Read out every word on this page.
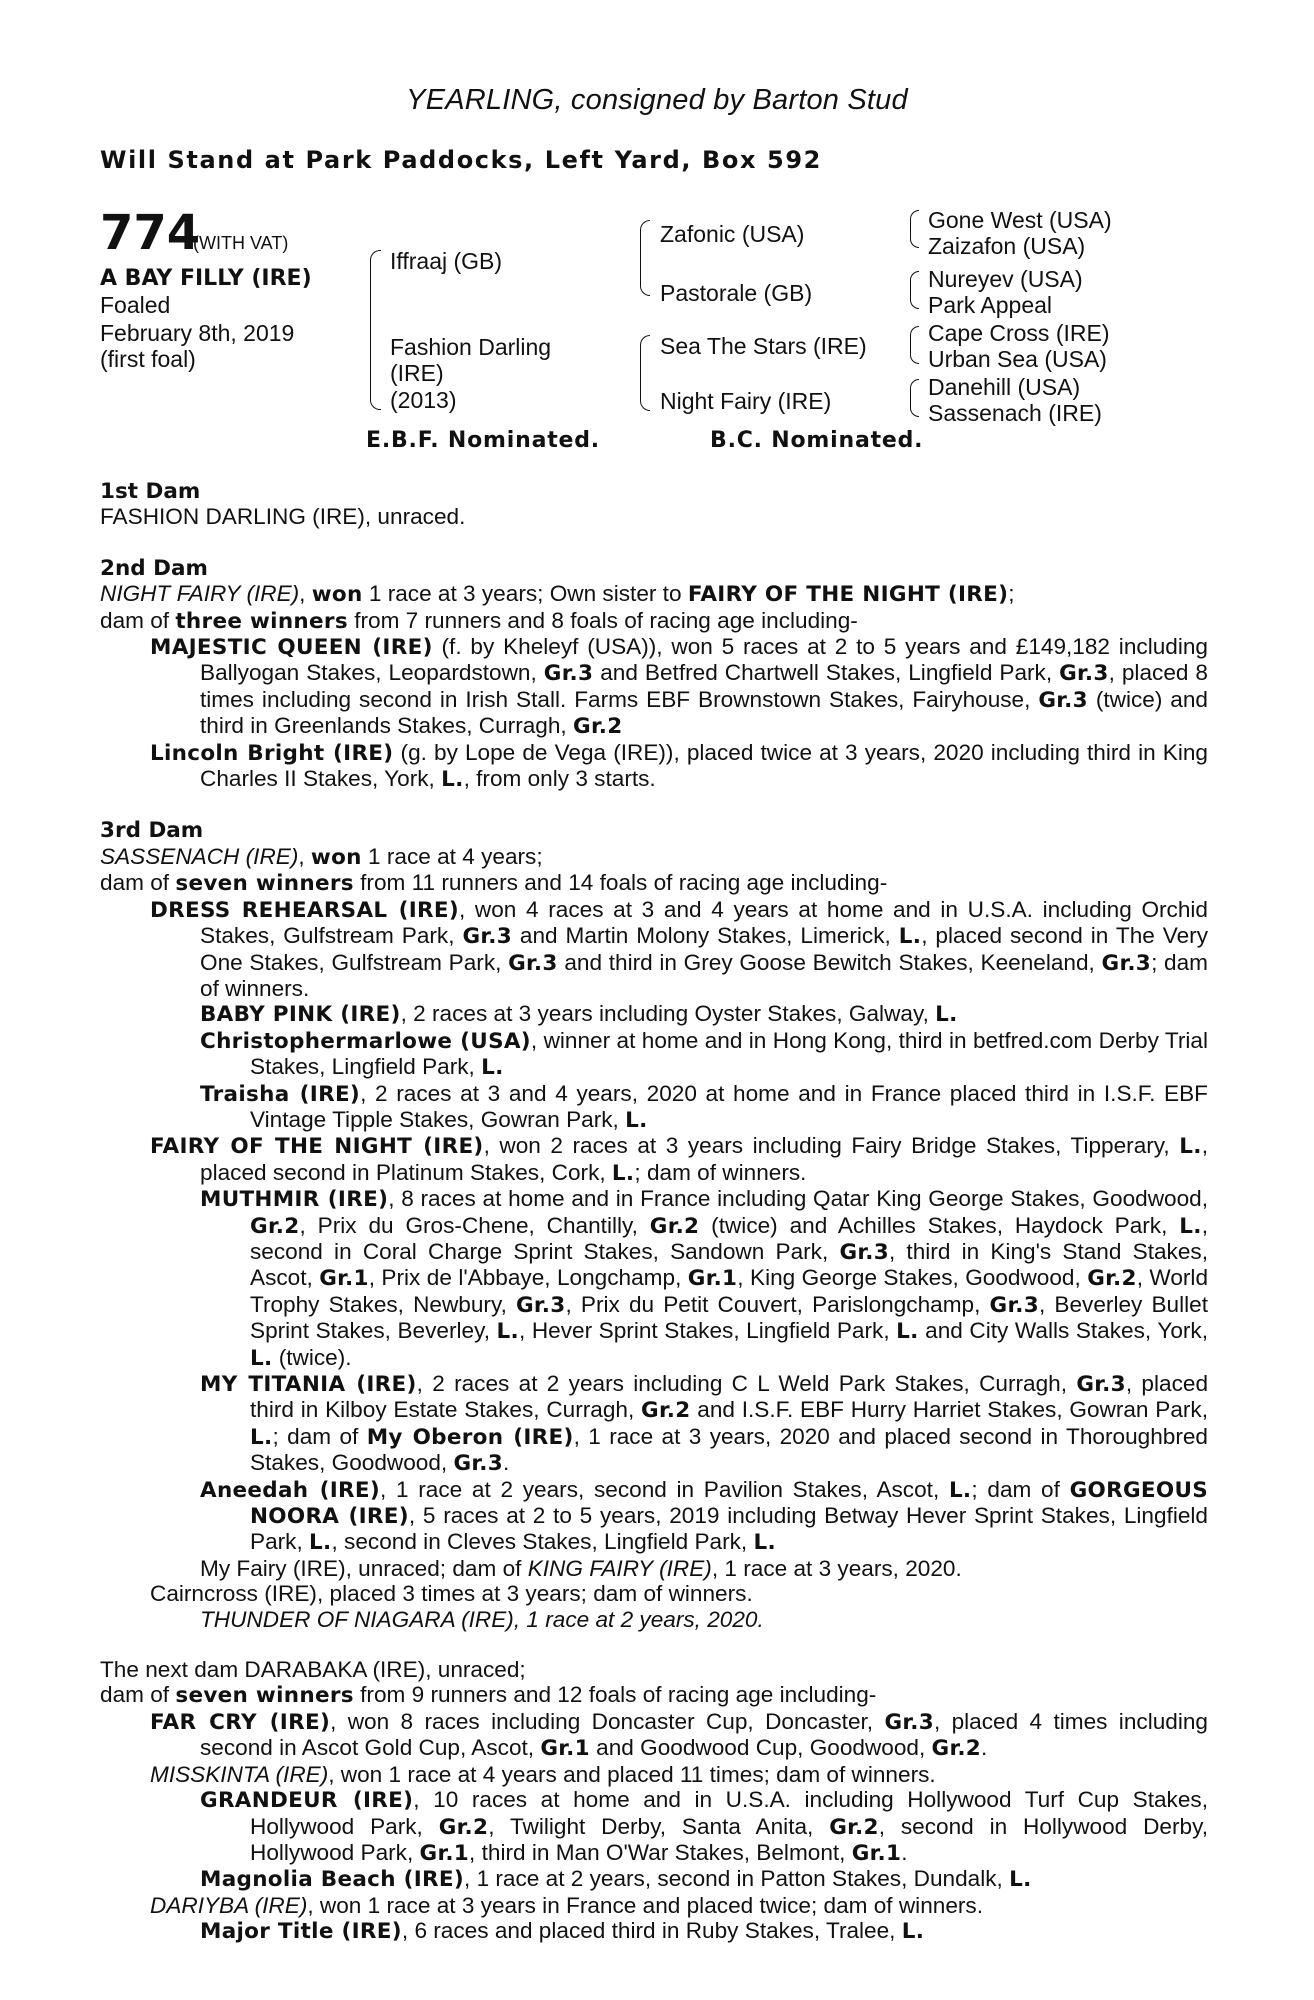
YEARLING, consigned by Barton Stud
Will Stand at Park Paddocks, Left Yard, Box 592
774
(WITH VAT)
A BAY FILLY (IRE)
Foaled
February 8th, 2019
(first foal)
Iffraaj (GB)
Fashion Darling
(IRE)
(2013)
Zafonic (USA)
Pastorale (GB)
Sea The Stars (IRE)
Night Fairy (IRE)
Gone West (USA)
Zaizafon (USA)
Nureyev (USA)
Park Appeal
Cape Cross (IRE)
Urban Sea (USA)
Danehill (USA)
Sassenach (IRE)
E.B.F. Nominated.	B.C. Nominated.

1st Dam

FASHION DARLING (IRE), unraced.

2nd Dam

NIGHT FAIRY (IRE), won 1 race at 3 years; Own sister to FAIRY OF THE NIGHT (IRE);

dam of three winners from 7 runners and 8 foals of racing age including-

MAJESTIC QUEEN (IRE) (f. by Kheleyf (USA)), won 5 races at 2 to 5 years and £149,182 including Ballyogan Stakes, Leopardstown, Gr.3 and Betfred Chartwell Stakes, Lingfield Park, Gr.3, placed 8 times including second in Irish Stall. Farms EBF Brownstown Stakes, Fairyhouse, Gr.3 (twice) and third in Greenlands Stakes, Curragh, Gr.2

Lincoln Bright (IRE) (g. by Lope de Vega (IRE)), placed twice at 3 years, 2020 including third in King Charles II Stakes, York, L., from only 3 starts.

3rd Dam

SASSENACH (IRE), won 1 race at 4 years;

dam of seven winners from 11 runners and 14 foals of racing age including-

DRESS REHEARSAL (IRE), won 4 races at 3 and 4 years at home and in U.S.A. including Orchid Stakes, Gulfstream Park, Gr.3 and Martin Molony Stakes, Limerick, L., placed second in The Very One Stakes, Gulfstream Park, Gr.3 and third in Grey Goose Bewitch Stakes, Keeneland, Gr.3; dam of winners.

BABY PINK (IRE), 2 races at 3 years including Oyster Stakes, Galway, L.

Christophermarlowe (USA), winner at home and in Hong Kong, third in betfred.com Derby Trial Stakes, Lingfield Park, L.

Traisha (IRE), 2 races at 3 and 4 years, 2020 at home and in France placed third in I.S.F. EBF Vintage Tipple Stakes, Gowran Park, L.

FAIRY OF THE NIGHT (IRE), won 2 races at 3 years including Fairy Bridge Stakes, Tipperary, L., placed second in Platinum Stakes, Cork, L.; dam of winners.

MUTHMIR (IRE), 8 races at home and in France including Qatar King George Stakes, Goodwood, Gr.2, Prix du Gros-Chene, Chantilly, Gr.2 (twice) and Achilles Stakes, Haydock Park, L., second in Coral Charge Sprint Stakes, Sandown Park, Gr.3, third in King's Stand Stakes, Ascot, Gr.1, Prix de l'Abbaye, Longchamp, Gr.1, King George Stakes, Goodwood, Gr.2, World Trophy Stakes, Newbury, Gr.3, Prix du Petit Couvert, Parislongchamp, Gr.3, Beverley Bullet Sprint Stakes, Beverley, L., Hever Sprint Stakes, Lingfield Park, L. and City Walls Stakes, York, L. (twice).

MY TITANIA (IRE), 2 races at 2 years including C L Weld Park Stakes, Curragh, Gr.3, placed third in Kilboy Estate Stakes, Curragh, Gr.2 and I.S.F. EBF Hurry Harriet Stakes, Gowran Park, L.; dam of My Oberon (IRE), 1 race at 3 years, 2020 and placed second in Thoroughbred Stakes, Goodwood, Gr.3.

Aneedah (IRE), 1 race at 2 years, second in Pavilion Stakes, Ascot, L.; dam of GORGEOUS NOORA (IRE), 5 races at 2 to 5 years, 2019 including Betway Hever Sprint Stakes, Lingfield Park, L., second in Cleves Stakes, Lingfield Park, L.

My Fairy (IRE), unraced; dam of KING FAIRY (IRE), 1 race at 3 years, 2020.

Cairncross (IRE), placed 3 times at 3 years; dam of winners.

THUNDER OF NIAGARA (IRE), 1 race at 2 years, 2020.

The next dam DARABAKA (IRE), unraced;

dam of seven winners from 9 runners and 12 foals of racing age including-

FAR CRY (IRE), won 8 races including Doncaster Cup, Doncaster, Gr.3, placed 4 times including second in Ascot Gold Cup, Ascot, Gr.1 and Goodwood Cup, Goodwood, Gr.2.

MISSKINTA (IRE), won 1 race at 4 years and placed 11 times; dam of winners.

GRANDEUR (IRE), 10 races at home and in U.S.A. including Hollywood Turf Cup Stakes, Hollywood Park, Gr.2, Twilight Derby, Santa Anita, Gr.2, second in Hollywood Derby, Hollywood Park, Gr.1, third in Man O'War Stakes, Belmont, Gr.1.

Magnolia Beach (IRE), 1 race at 2 years, second in Patton Stakes, Dundalk, L.

DARIYBA (IRE), won 1 race at 3 years in France and placed twice; dam of winners.

Major Title (IRE), 6 races and placed third in Ruby Stakes, Tralee, L.
